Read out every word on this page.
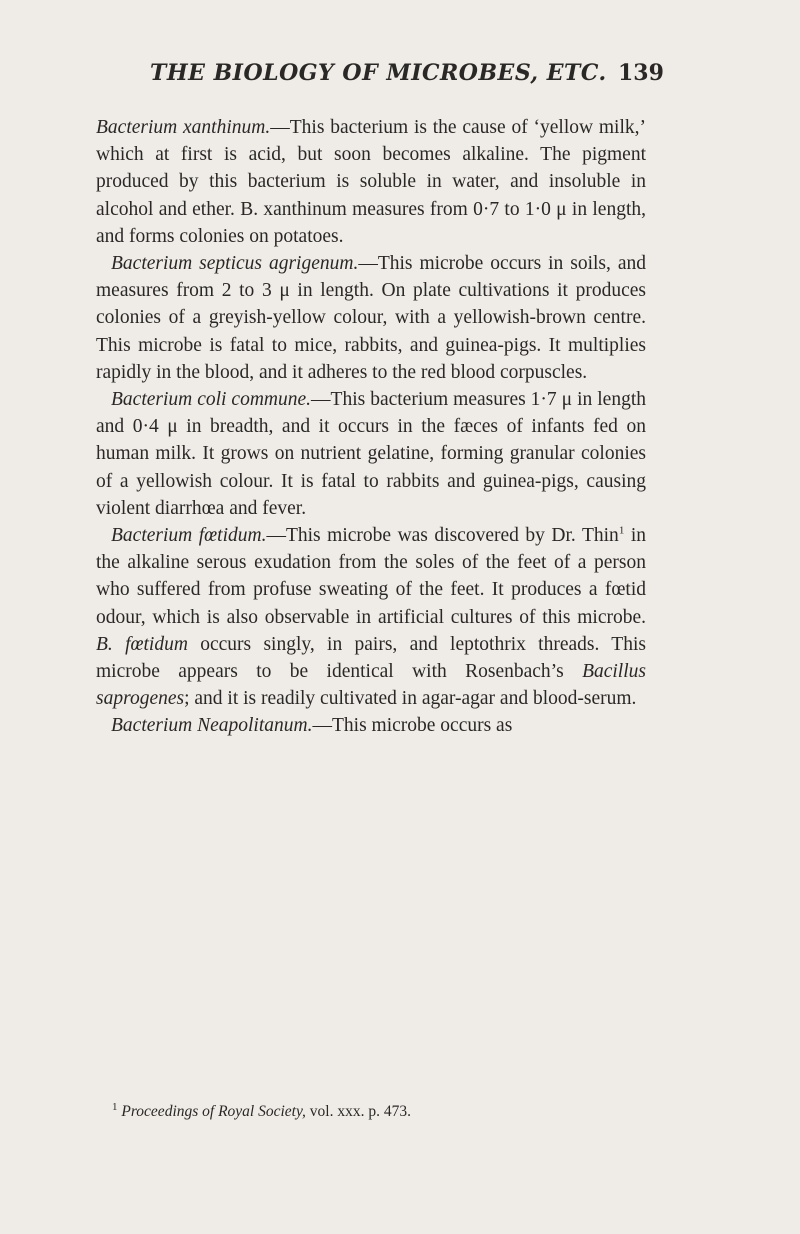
THE BIOLOGY OF MICROBES, ETC. 139

Bacterium xanthinum.—This bacterium is the cause of ‘yellow milk,’ which at first is acid, but soon becomes alkaline. The pigment produced by this bacterium is soluble in water, and insoluble in alcohol and ether. B. xanthinum measures from 0·7 to 1·0 μ in length, and forms colonies on potatoes.

Bacterium septicus agrigenum.—This microbe occurs in soils, and measures from 2 to 3 μ in length. On plate cultivations it produces colonies of a greyish-yellow colour, with a yellowish-brown centre. This microbe is fatal to mice, rabbits, and guinea-pigs. It multiplies rapidly in the blood, and it adheres to the red blood corpuscles.

Bacterium coli commune.—This bacterium measures 1·7 μ in length and 0·4 μ in breadth, and it occurs in the fæces of infants fed on human milk. It grows on nutrient gelatine, forming granular colonies of a yellowish colour. It is fatal to rabbits and guinea-pigs, causing violent diarrhœa and fever.

Bacterium fœtidum.—This microbe was discovered by Dr. Thin$^1$ in the alkaline serous exudation from the soles of the feet of a person who suffered from profuse sweating of the feet. It produces a fœtid odour, which is also observable in artificial cultures of this microbe. B. fœtidum occurs singly, in pairs, and leptothrix threads. This microbe appears to be identical with Rosenbach’s Bacillus saprogenes; and it is readily cultivated in agar-agar and blood-serum.

Bacterium Neapolitanum.—This microbe occurs as

$^1$ Proceedings of Royal Society, vol. xxx. p. 473.
